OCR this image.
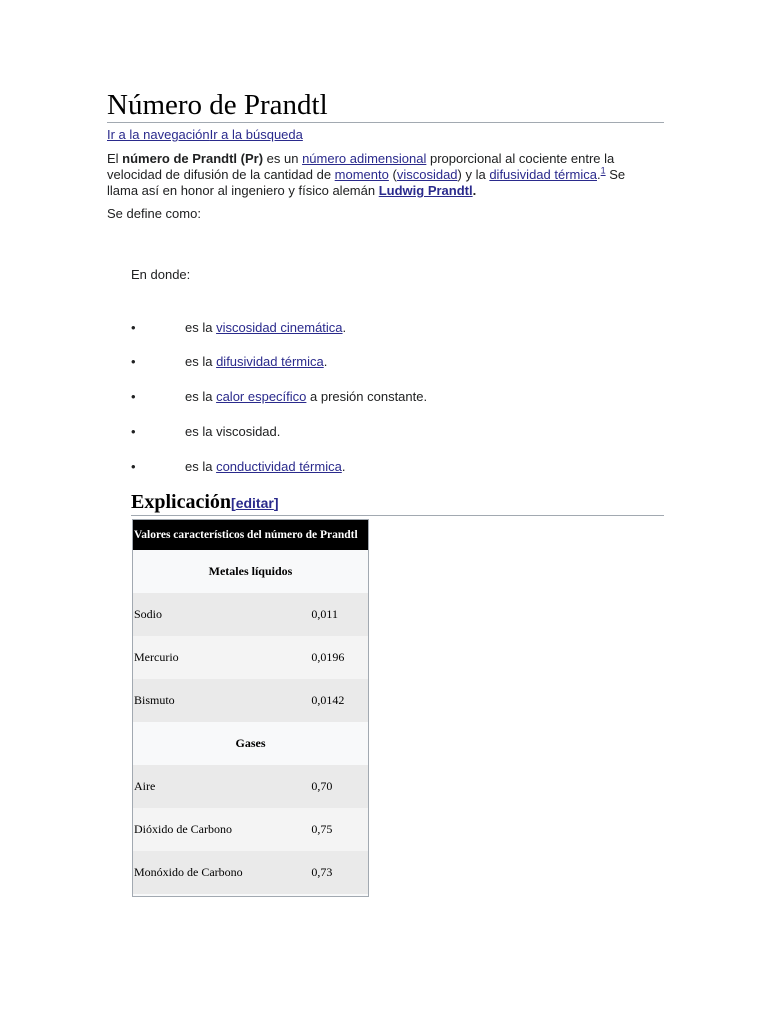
Número de Prandtl
Ir a la navegaciónIr a la búsqueda

El número de Prandtl (Pr) es un número adimensional proporcional al cociente entre la velocidad de difusión de la cantidad de momento (viscosidad) y la difusividad térmica.$^1$ Se llama así en honor al ingeniero y físico alemán Ludwig Prandtl.

Se define como:

En donde:

•	es la viscosidad cinemática.
•	es la difusividad térmica.
•	es la calor específico a presión constante.
•	es la viscosidad.
•	es la conductividad térmica.
Explicación[editar]
Valores característicos del número de Prandtl	
Metales líquidos	
Sodio	0,011
Mercurio	0,0196
Bismuto	0,0142
Gases	
Aire	0,70
Dióxido de Carbono	0,75
Monóxido de Carbono	0,73
